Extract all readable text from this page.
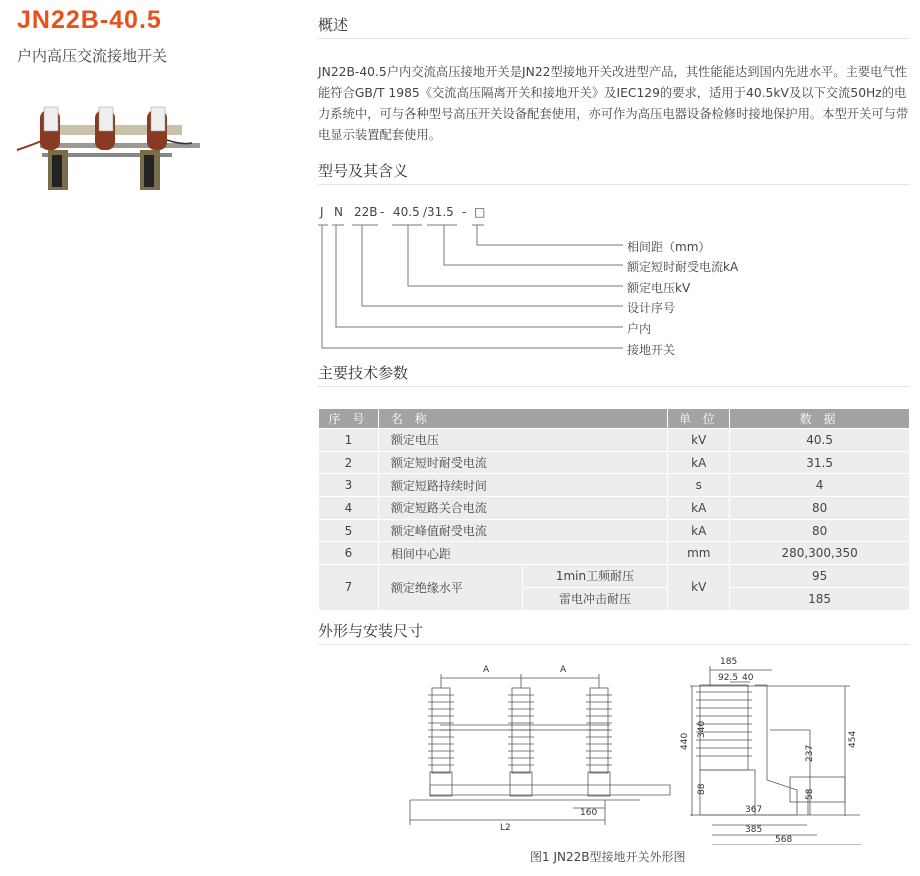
JN22B-40.5
户内高压交流接地开关
概述
JN22B-40.5户内交流高压接地开关是JN22型接地开关改进型产品，其性能能达到国内先进水平。主要电气性能符合GB/T 1985《交流高压隔离开关和接地开关》及IEC129的要求，适用于40.5kV及以下交流50Hz的电力系统中，可与各种型号高压开关设备配套使用，亦可作为高压电器设备检修时接地保护用。本型开关可与带电显示装置配套使用。
型号及其含义
J N 22B - 40.5 /31.5 - □
相间距（mm）
额定短时耐受电流kA
额定电压kV
设计序号
户内
接地开关
主要技术参数
序 号	名 称		单 位	数 据
1	额定电压		kV	40.5
2	额定短时耐受电流		kA	31.5
3	额定短路持续时间		s	4
4	额定短路关合电流		kA	80
5	额定峰值耐受电流		kA	80
6	相间中心距		mm	280,300,350
7	额定绝缘水平	1min工频耐压	kV	95
		雷电冲击耐压		185
外形与安装尺寸
A	A
160
L2
185
92.5 40
440
340
88
237
454
58
367
385
568
图1 JN22B型接地开关外形图
